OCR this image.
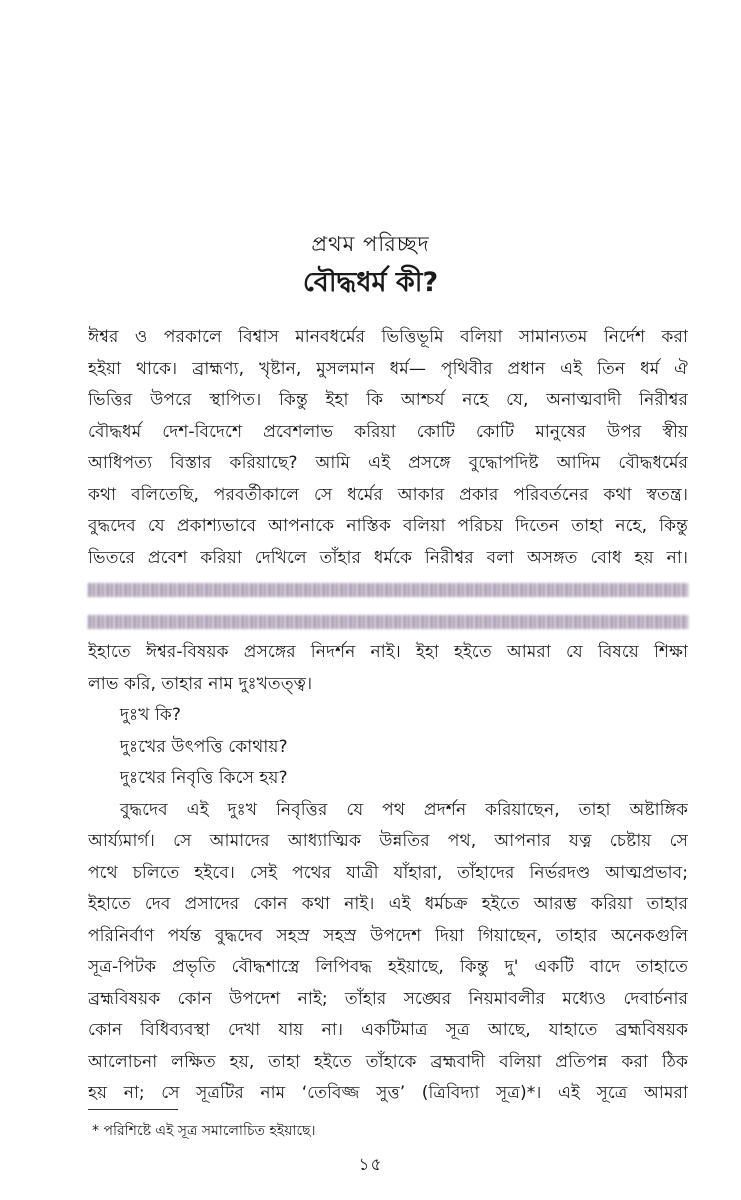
প্রথম পরিচ্ছদ
বৌদ্ধধর্ম কী?
ঈশ্বর ও পরকালে বিশ্বাস মানবধর্মের ভিত্তিভূমি বলিয়া সামান্যতম নির্দেশ করা
হইয়া থাকে। ব্রাহ্মণ্য, খৃষ্টান, মুসলমান ধর্ম— পৃথিবীর প্রধান এই তিন ধর্ম ঐ
ভিত্তির উপরে স্থাপিত। কিন্তু ইহা কি আশ্চর্য নহে যে, অনাত্মবাদী নিরীশ্বর
বৌদ্ধধর্ম দেশ-বিদেশে প্রবেশলাভ করিয়া কোটি কোটি মানুষের উপর স্বীয়
আধিপত্য বিস্তার করিয়াছে? আমি এই প্রসঙ্গে বুদ্ধোপদিষ্ট আদিম বৌদ্ধধর্মের
কথা বলিতেছি, পরবর্তীকালে সে ধর্মের আকার প্রকার পরিবর্তনের কথা স্বতন্ত্র।
বুদ্ধদেব যে প্রকাশ্যভাবে আপনাকে নাস্তিক বলিয়া পরিচয় দিতেন তাহা নহে, কিন্তু
ভিতরে প্রবেশ করিয়া দেখিলে তাঁহার ধর্মকে নিরীশ্বর বলা অসঙ্গত বোধ হয় না।
ইহাতে ঈশ্বর-বিষয়ক প্রসঙ্গের নিদর্শন নাই। ইহা হইতে আমরা যে বিষয়ে শিক্ষা
লাভ করি, তাহার নাম দুঃখতত্ত্ব।
দুঃখ কি?
দুঃখের উৎপত্তি কোথায়?
দুঃখের নিবৃত্তি কিসে হয়?
বুদ্ধদেব এই দুঃখ নিবৃত্তির যে পথ প্রদর্শন করিয়াছেন, তাহা অষ্টাঙ্গিক
আর্য্যমার্গ। সে আমাদের আধ্যাত্মিক উন্নতির পথ, আপনার যত্ন চেষ্টায় সে
পথে চলিতে হইবে। সেই পথের যাত্রী যাঁহারা, তাঁহাদের নির্ভরদণ্ড আত্মপ্রভাব;
ইহাতে দেব প্রসাদের কোন কথা নাই। এই ধর্মচক্র হইতে আরম্ভ করিয়া তাহার
পরিনির্বাণ পর্যন্ত বুদ্ধদেব সহস্র সহস্র উপদেশ দিয়া গিয়াছেন, তাহার অনেকগুলি
সূত্র-পিটক প্রভৃতি বৌদ্ধশাস্ত্রে লিপিবদ্ধ হইয়াছে, কিন্তু দু' একটি বাদে তাহাতে
ব্রহ্মবিষয়ক কোন উপদেশ নাই; তাঁহার সঙ্ঘের নিয়মাবলীর মধ্যেও দেবার্চনার
কোন বিধিব্যবস্থা দেখা যায় না। একটিমাত্র সূত্র আছে, যাহাতে ব্রহ্মবিষয়ক
আলোচনা লক্ষিত হয়, তাহা হইতে তাঁহাকে ব্রহ্মবাদী বলিয়া প্রতিপন্ন করা ঠিক
হয় না; সে সূত্রটির নাম ‘তেবিজ্জ সুত্ত’ (ত্রিবিদ্যা সূত্র)*। এই সূত্রে আমরা
* পরিশিষ্টে এই সূত্র সমালোচিত হইয়াছে।
১৫
